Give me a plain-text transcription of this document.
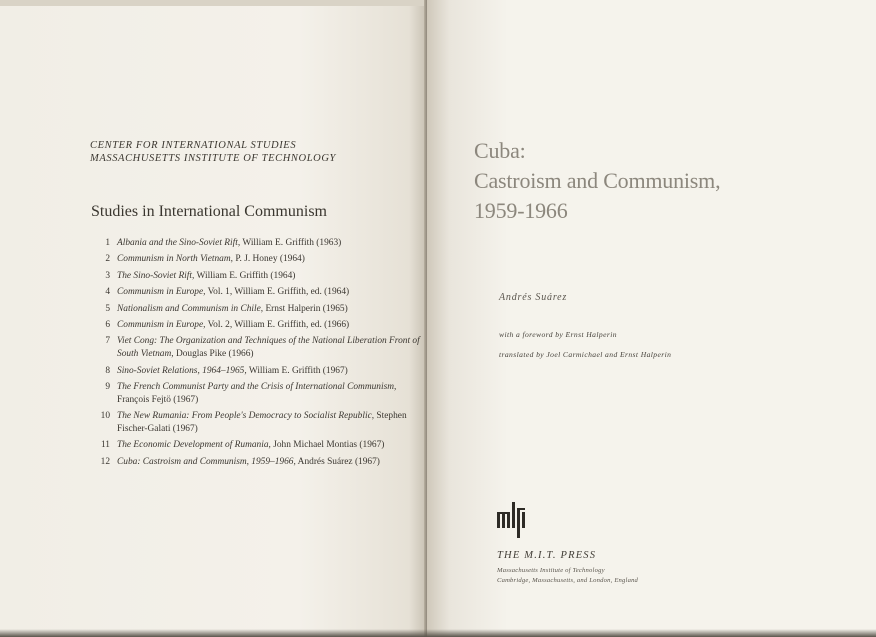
CENTER FOR INTERNATIONAL STUDIES
MASSACHUSETTS INSTITUTE OF TECHNOLOGY
Studies in International Communism
1 Albania and the Sino-Soviet Rift, William E. Griffith (1963)
2 Communism in North Vietnam, P. J. Honey (1964)
3 The Sino-Soviet Rift, William E. Griffith (1964)
4 Communism in Europe, Vol. 1, William E. Griffith, ed. (1964)
5 Nationalism and Communism in Chile, Ernst Halperin (1965)
6 Communism in Europe, Vol. 2, William E. Griffith, ed. (1966)
7 Viet Cong: The Organization and Techniques of the National Liberation Front of South Vietnam, Douglas Pike (1966)
8 Sino-Soviet Relations, 1964–1965, William E. Griffith (1967)
9 The French Communist Party and the Crisis of International Communism, François Fejtö (1967)
10 The New Rumania: From People's Democracy to Socialist Republic, Stephen Fischer-Galati (1967)
11 The Economic Development of Rumania, John Michael Montias (1967)
12 Cuba: Castroism and Communism, 1959–1966, Andrés Suárez (1967)
Cuba:
Castroism and Communism,
1959-1966
Andrés Suárez
with a foreword by Ernst Halperin
translated by Joel Carmichael and Ernst Halperin
THE M.I.T. PRESS
Massachusetts Institute of Technology
Cambridge, Massachusetts, and London, England
